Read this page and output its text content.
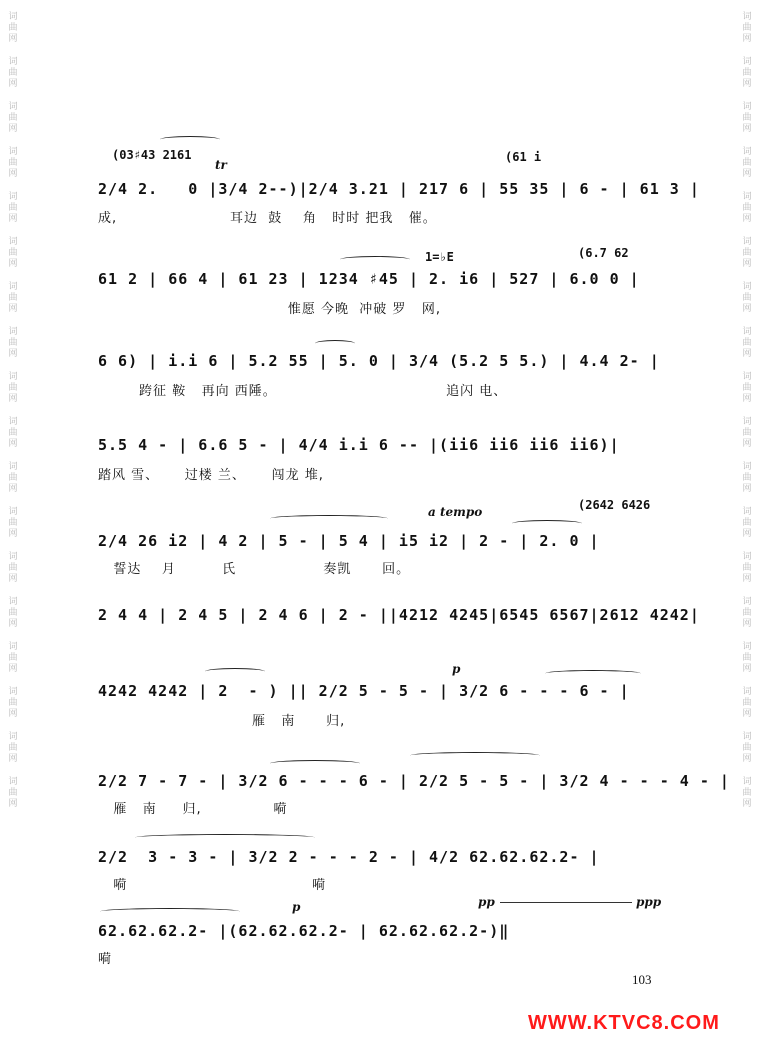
词
曲
网
词
曲
网
词
曲
网
词
曲
网
词
曲
网
词
曲
网
词
曲
网
词
曲
网
词
曲
网
词
曲
网
词
曲
网
词
曲
网
词
曲
网
词
曲
网
词
曲
网
词
曲
网
词
曲
网
词
曲
网
词
曲
网
词
曲
网
词
曲
网
词
曲
网
词
曲
网
词
曲
网
词
曲
网
词
曲
网
词
曲
网
词
曲
网
词
曲
网
词
曲
网
词
曲
网
词
曲
网
词
曲
网
词
曲
网
词
曲
网
词
曲
网
(03♯43 2161	(61 i
tr
2/4 2.   0 |3/4 2--)|2/4 3.21 | 217 6 | 55 35 | 6 - | 61 3 |
成,                      耳边  鼓    角   时时 把我   催。
1=♭E	(6.7 62
61 2 | 66 4 | 61 23 | 1234 ♯45 | 2. i6 | 527 | 6.0 0 |
惟愿 今晚  冲破 罗   网,
6 6) | i.i 6 | 5.2 55 | 5. 0 | 3/4 (5.2 5 5.) | 4.4 2- |
跨征 鞍   再向 西陲。                                 追闪 电、
5.5 4 - | 6.6 5 - | 4/4 i.i 6 -- |(ii6 ii6 ii6 ii6)|
踏风 雪、     过楼 兰、     闯龙 堆,
a tempo	(2642 6426
2/4 26 i2 | 4 2 | 5 - | 5 4 | i5 i2 | 2 - | 2. 0 |
誓达    月         氏                 奏凯      回。
2 4 4 | 2 4 5 | 2 4 6 | 2 - ||4212 4245|6545 6567|2612 4242|
p
4242 4242 | 2  - ) || 2/2 5 - 5 - | 3/2 6 - - - 6 - |
雁   南      归,
2/2 7 - 7 - | 3/2 6 - - - 6 - | 2/2 5 - 5 - | 3/2 4 - - - 4 - |
雁   南     归,              嗬
2/2  3 - 3 - | 3/2 2 - - - 2 - | 4/2 62.62.62.2- |
嗬                                    嗬
p	pp	ppp
62.62.62.2- |(62.62.62.2- | 62.62.62.2-)‖
嗬
103
WWW.KTVC8.COM
